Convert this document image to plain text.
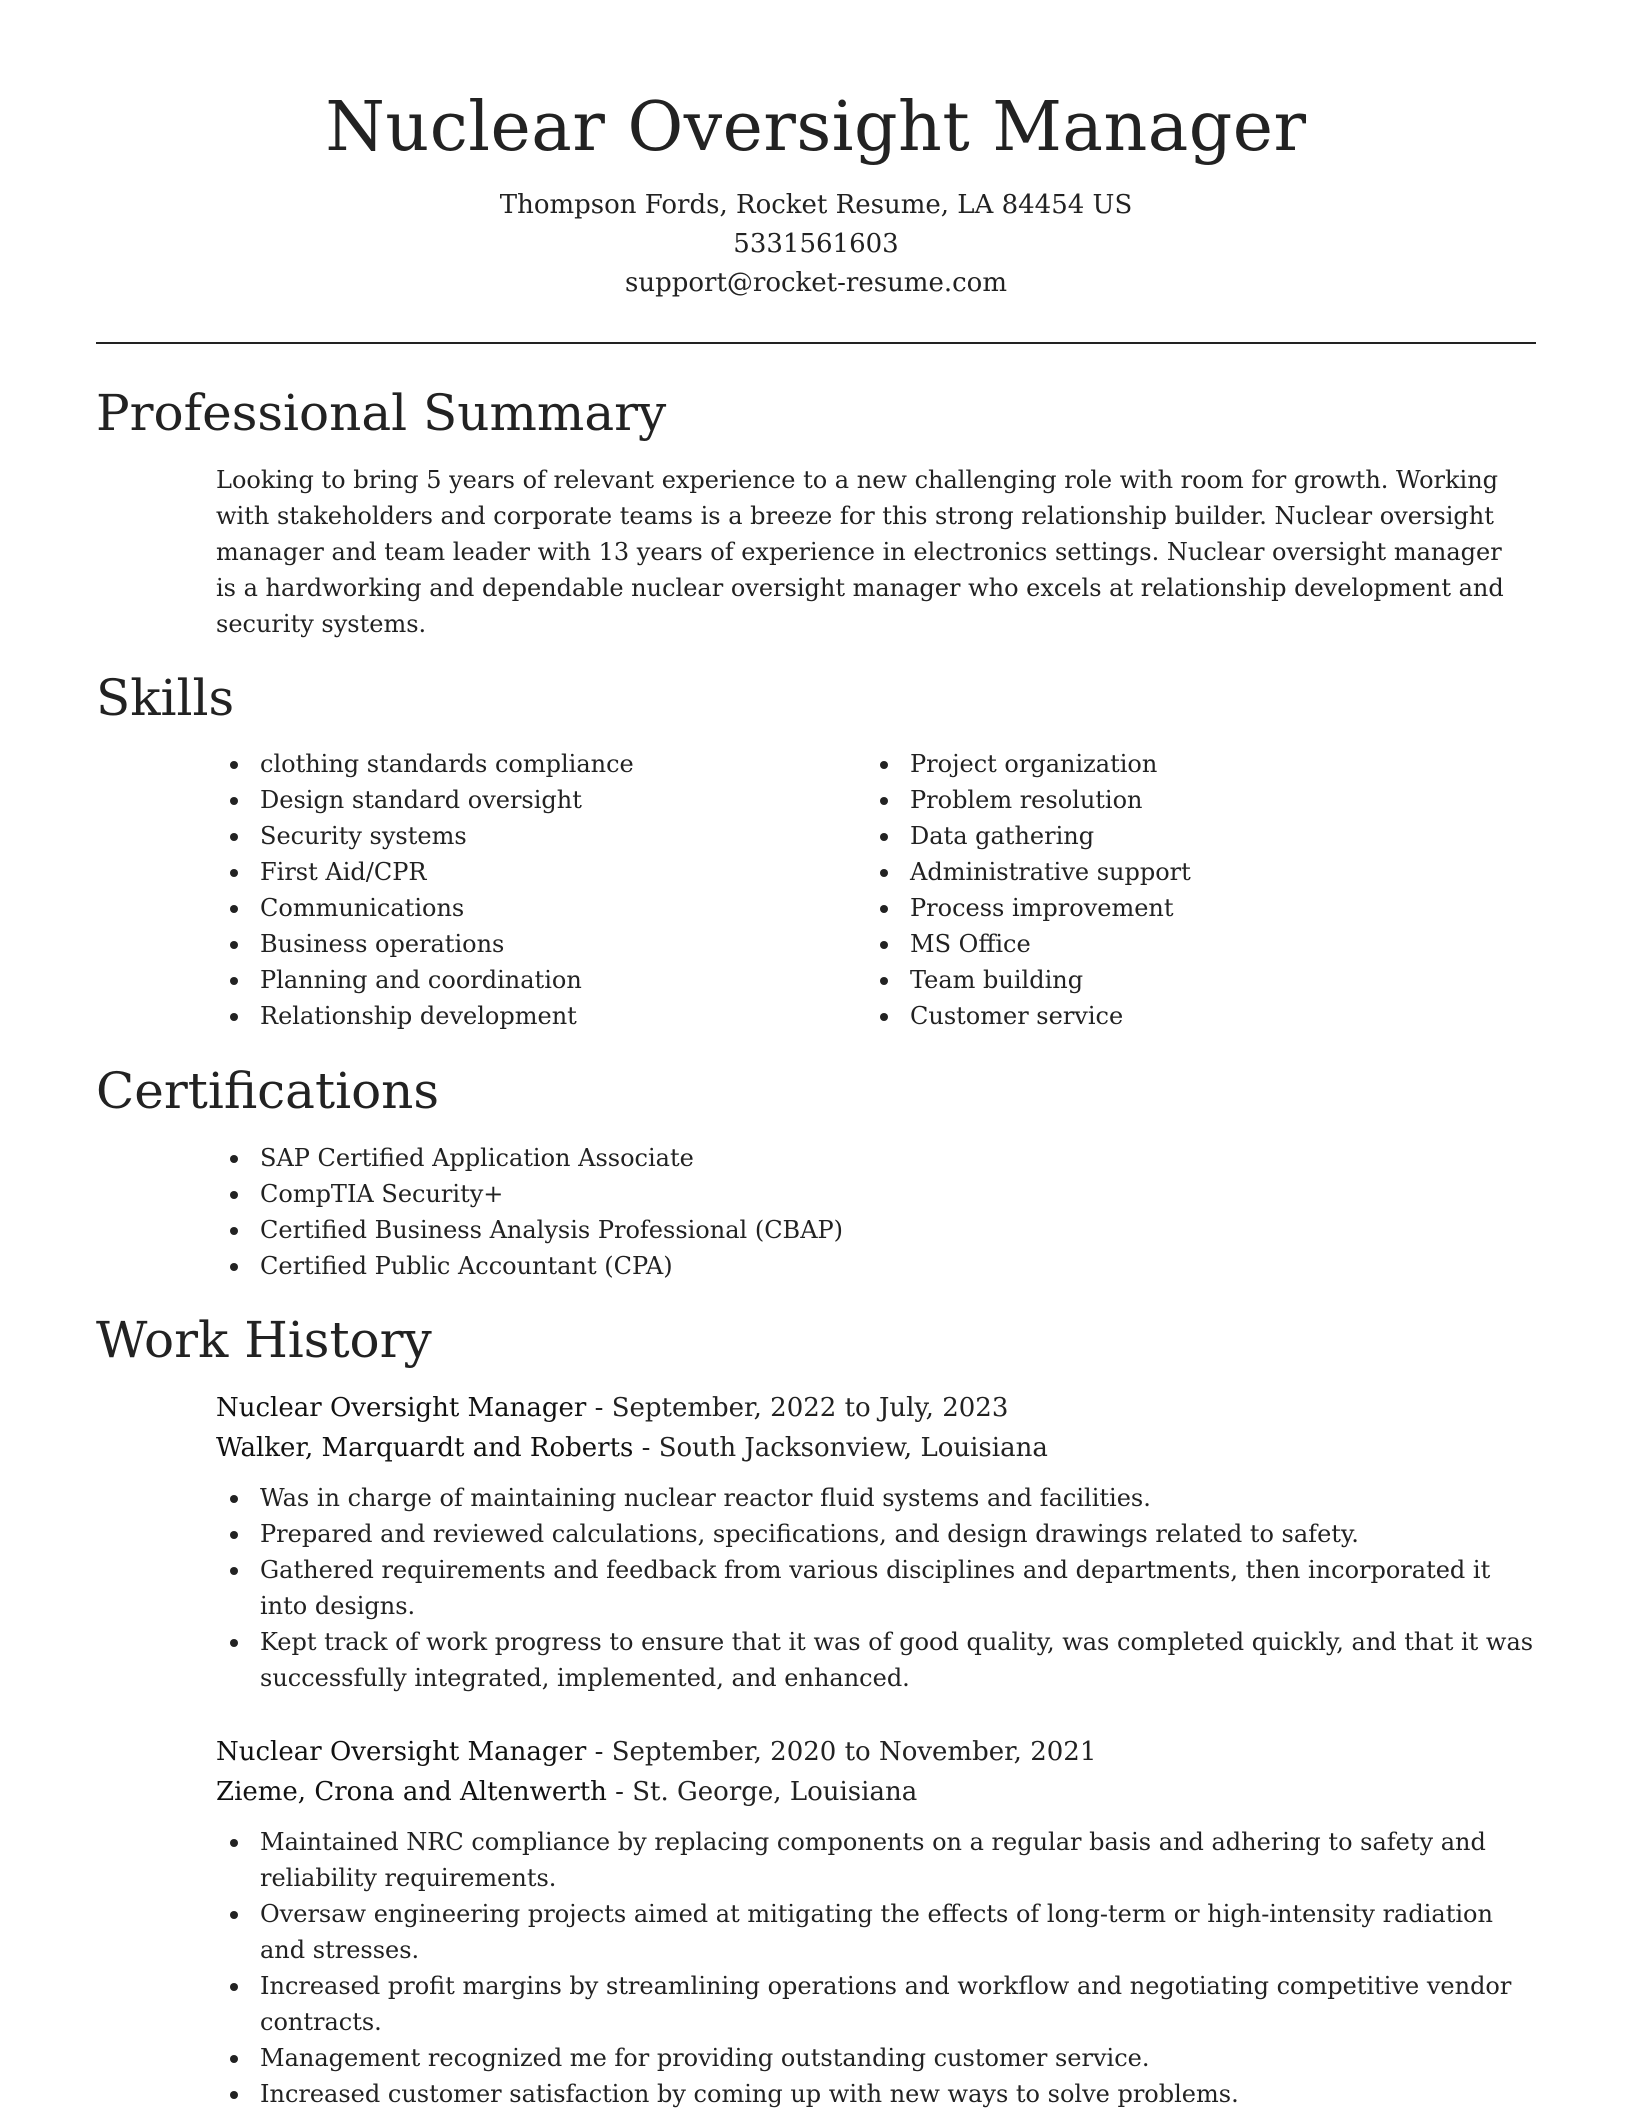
Nuclear Oversight Manager
Thompson Fords, Rocket Resume, LA 84454 US
5331561603
support@rocket-resume.com
Professional Summary

Looking to bring 5 years of relevant experience to a new challenging role with room for growth. Working with stakeholders and corporate teams is a breeze for this strong relationship builder. Nuclear oversight manager and team leader with 13 years of experience in electronics settings. Nuclear oversight manager is a hardworking and dependable nuclear oversight manager who excels at relationship development and security systems.

Skills
clothing standards compliance
Design standard oversight
Security systems
First Aid/CPR
Communications
Business operations
Planning and coordination
Relationship development
Project organization
Problem resolution
Data gathering
Administrative support
Process improvement
MS Office
Team building
Customer service
Certifications
SAP Certified Application Associate
CompTIA Security+
Certified Business Analysis Professional (CBAP)
Certified Public Accountant (CPA)
Work History
Nuclear Oversight Manager - September, 2022 to July, 2023
Walker, Marquardt and Roberts - South Jacksonview, Louisiana
Was in charge of maintaining nuclear reactor fluid systems and facilities.
Prepared and reviewed calculations, specifications, and design drawings related to safety.
Gathered requirements and feedback from various disciplines and departments, then incorporated it into designs.
Kept track of work progress to ensure that it was of good quality, was completed quickly, and that it was successfully integrated, implemented, and enhanced.
Nuclear Oversight Manager - September, 2020 to November, 2021
Zieme, Crona and Altenwerth - St. George, Louisiana
Maintained NRC compliance by replacing components on a regular basis and adhering to safety and reliability requirements.
Oversaw engineering projects aimed at mitigating the effects of long-term or high-intensity radiation and stresses.
Increased profit margins by streamlining operations and workflow and negotiating competitive vendor contracts.
Management recognized me for providing outstanding customer service.
Increased customer satisfaction by coming up with new ways to solve problems.
